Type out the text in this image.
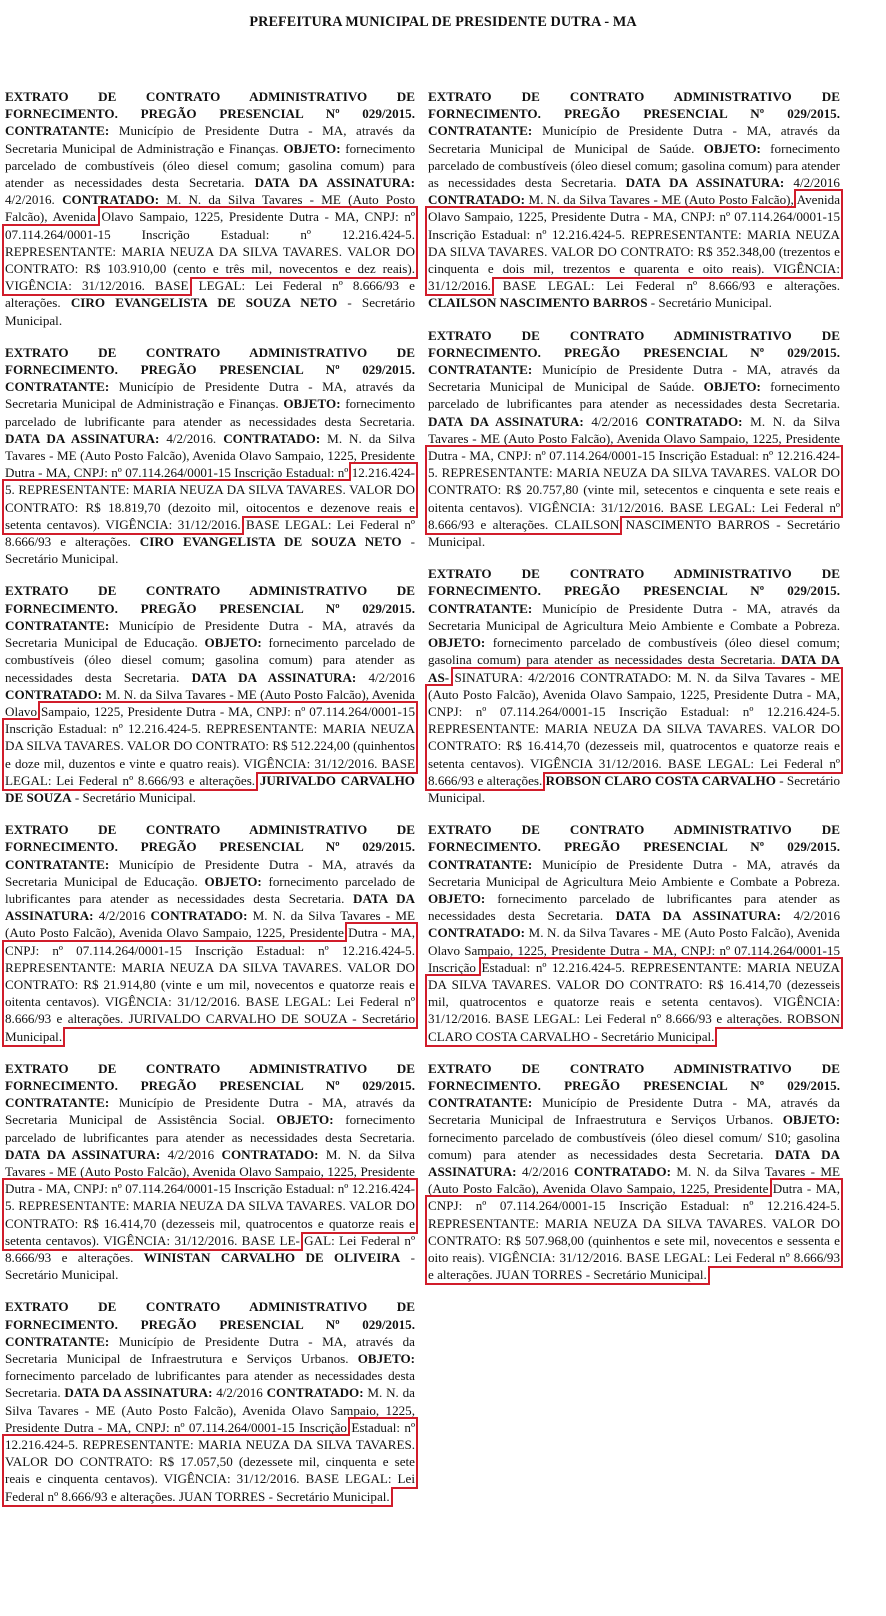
PREFEITURA MUNICIPAL DE PRESIDENTE DUTRA - MA
EXTRATO DE CONTRATO ADMINISTRATIVO DE FORNECIMENTO. PREGÃO PRESENCIAL Nº 029/2015. CONTRATANTE: Município de Presidente Dutra - MA, através da Secretaria Municipal de Administração e Finanças. OBJETO: fornecimento parcelado de combustíveis (óleo diesel comum; gasolina comum) para atender as necessidades desta Secretaria. DATA DA ASSINATURA: 4/2/2016. CONTRATADO: M. N. da Silva Tavares - ME (Auto Posto Falcão), Avenida Olavo Sampaio, 1225, Presidente Dutra - MA, CNPJ: nº 07.114.264/0001-15 Inscrição Estadual: nº 12.216.424-5. REPRESENTANTE: MARIA NEUZA DA SILVA TAVARES. VALOR DO CONTRATO: R$ 103.910,00 (cento e três mil, novecentos e dez reais). VIGÊNCIA: 31/12/2016. BASE LEGAL: Lei Federal nº 8.666/93 e alterações. CIRO EVANGELISTA DE SOUZA NETO - Secretário Municipal.
EXTRATO DE CONTRATO ADMINISTRATIVO DE FORNECIMENTO. PREGÃO PRESENCIAL Nº 029/2015. CONTRATANTE: Município de Presidente Dutra - MA, através da Secretaria Municipal de Administração e Finanças. OBJETO: fornecimento parcelado de lubrificante para atender as necessidades desta Secretaria. DATA DA ASSINATURA: 4/2/2016. CONTRATADO: M. N. da Silva Tavares - ME (Auto Posto Falcão), Avenida Olavo Sampaio, 1225, Presidente Dutra - MA, CNPJ: nº 07.114.264/0001-15 Inscrição Estadual: nº 12.216.424-5. REPRESENTANTE: MARIA NEUZA DA SILVA TAVARES. VALOR DO CONTRATO: R$ 18.819,70 (dezoito mil, oitocentos e dezenove reais e setenta centavos). VIGÊNCIA: 31/12/2016. BASE LEGAL: Lei Federal nº 8.666/93 e alterações. CIRO EVANGELISTA DE SOUZA NETO - Secretário Municipal.
EXTRATO DE CONTRATO ADMINISTRATIVO DE FORNECIMENTO. PREGÃO PRESENCIAL Nº 029/2015. CONTRATANTE: Município de Presidente Dutra - MA, através da Secretaria Municipal de Educação. OBJETO: fornecimento parcelado de combustíveis (óleo diesel comum; gasolina comum) para atender as necessidades desta Secretaria. DATA DA ASSINATURA: 4/2/2016 CONTRATADO: M. N. da Silva Tavares - ME (Auto Posto Falcão), Avenida Olavo Sampaio, 1225, Presidente Dutra - MA, CNPJ: nº 07.114.264/0001-15 Inscrição Estadual: nº 12.216.424-5. REPRESENTANTE: MARIA NEUZA DA SILVA TAVARES. VALOR DO CONTRATO: R$ 512.224,00 (quinhentos e doze mil, duzentos e vinte e quatro reais). VIGÊNCIA: 31/12/2016. BASE LEGAL: Lei Federal nº 8.666/93 e alterações. JURIVALDO CARVALHO DE SOUZA - Secretário Municipal.
EXTRATO DE CONTRATO ADMINISTRATIVO DE FORNECIMENTO. PREGÃO PRESENCIAL Nº 029/2015. CONTRATANTE: Município de Presidente Dutra - MA, através da Secretaria Municipal de Educação. OBJETO: fornecimento parcelado de lubrificantes para atender as necessidades desta Secretaria. DATA DA ASSINATURA: 4/2/2016 CONTRATADO: M. N. da Silva Tavares - ME (Auto Posto Falcão), Avenida Olavo Sampaio, 1225, Presidente Dutra - MA, CNPJ: nº 07.114.264/0001-15 Inscrição Estadual: nº 12.216.424-5. REPRESENTANTE: MARIA NEUZA DA SILVA TAVARES. VALOR DO CONTRATO: R$ 21.914,80 (vinte e um mil, novecentos e quatorze reais e oitenta centavos). VIGÊNCIA: 31/12/2016. BASE LEGAL: Lei Federal nº 8.666/93 e alterações. JURIVALDO CARVALHO DE SOUZA - Secretário Municipal.
EXTRATO DE CONTRATO ADMINISTRATIVO DE FORNECIMENTO. PREGÃO PRESENCIAL Nº 029/2015. CONTRATANTE: Município de Presidente Dutra - MA, através da Secretaria Municipal de Assistência Social. OBJETO: fornecimento parcelado de lubrificantes para atender as necessidades desta Secretaria. DATA DA ASSINATURA: 4/2/2016 CONTRATADO: M. N. da Silva Tavares - ME (Auto Posto Falcão), Avenida Olavo Sampaio, 1225, Presidente Dutra - MA, CNPJ: nº 07.114.264/0001-15 Inscrição Estadual: nº 12.216.424-5. REPRESENTANTE: MARIA NEUZA DA SILVA TAVARES. VALOR DO CONTRATO: R$ 16.414,70 (dezesseis mil, quatrocentos e quatorze reais e setenta centavos). VIGÊNCIA: 31/12/2016. BASE LE- GAL: Lei Federal nº 8.666/93 e alterações. WINISTAN CARVALHO DE OLIVEIRA - Secretário Municipal.
EXTRATO DE CONTRATO ADMINISTRATIVO DE FORNECIMENTO. PREGÃO PRESENCIAL Nº 029/2015. CONTRATANTE: Município de Presidente Dutra - MA, através da Secretaria Municipal de Infraestrutura e Serviços Urbanos. OBJETO: fornecimento parcelado de lubrificantes para atender as necessidades desta Secretaria. DATA DA ASSINATURA: 4/2/2016 CONTRATADO: M. N. da Silva Tavares - ME (Auto Posto Falcão), Avenida Olavo Sampaio, 1225, Presidente Dutra - MA, CNPJ: nº 07.114.264/0001-15 Inscrição Estadual: nº 12.216.424-5. REPRESENTANTE: MARIA NEUZA DA SILVA TAVARES. VALOR DO CONTRATO: R$ 17.057,50 (dezessete mil, cinquenta e sete reais e cinquenta centavos). VIGÊNCIA: 31/12/2016. BASE LEGAL: Lei Federal nº 8.666/93 e alterações. JUAN TORRES - Secretário Municipal.
EXTRATO DE CONTRATO ADMINISTRATIVO DE FORNECIMENTO. PREGÃO PRESENCIAL Nº 029/2015. CONTRATANTE: Município de Presidente Dutra - MA, através da Secretaria Municipal de Municipal de Saúde. OBJETO: fornecimento parcelado de combustíveis (óleo diesel comum; gasolina comum) para atender as necessidades desta Secretaria. DATA DA ASSINATURA: 4/2/2016 CONTRATADO: M. N. da Silva Tavares - ME (Auto Posto Falcão), Avenida Olavo Sampaio, 1225, Presidente Dutra - MA, CNPJ: nº 07.114.264/0001-15 Inscrição Estadual: nº 12.216.424-5. REPRESENTANTE: MARIA NEUZA DA SILVA TAVARES. VALOR DO CONTRATO: R$ 352.348,00 (trezentos e cinquenta e dois mil, trezentos e quarenta e oito reais). VIGÊNCIA: 31/12/2016. BASE LEGAL: Lei Federal nº 8.666/93 e alterações. CLAILSON NASCIMENTO BARROS - Secretário Municipal.
EXTRATO DE CONTRATO ADMINISTRATIVO DE FORNECIMENTO. PREGÃO PRESENCIAL Nº 029/2015. CONTRATANTE: Município de Presidente Dutra - MA, através da Secretaria Municipal de Municipal de Saúde. OBJETO: fornecimento parcelado de lubrificantes para atender as necessidades desta Secretaria. DATA DA ASSINATURA: 4/2/2016 CONTRATADO: M. N. da Silva Tavares - ME (Auto Posto Falcão), Avenida Olavo Sampaio, 1225, Presidente Dutra - MA, CNPJ: nº 07.114.264/0001-15 Inscrição Estadual: nº 12.216.424-5. REPRESENTANTE: MARIA NEUZA DA SILVA TAVARES. VALOR DO CONTRATO: R$ 20.757,80 (vinte mil, setecentos e cinquenta e sete reais e oitenta centavos). VIGÊNCIA: 31/12/2016. BASE LEGAL: Lei Federal nº 8.666/93 e alterações. CLAILSON NASCIMENTO BARROS - Secretário Municipal.
EXTRATO DE CONTRATO ADMINISTRATIVO DE FORNECIMENTO. PREGÃO PRESENCIAL Nº 029/2015. CONTRATANTE: Município de Presidente Dutra - MA, através da Secretaria Municipal de Agricultura Meio Ambiente e Combate a Pobreza. OBJETO: fornecimento parcelado de combustíveis (óleo diesel comum; gasolina comum) para atender as necessidades desta Secretaria. DATA DA AS- SINATURA: 4/2/2016 CONTRATADO: M. N. da Silva Tavares - ME (Auto Posto Falcão), Avenida Olavo Sampaio, 1225, Presidente Dutra - MA, CNPJ: nº 07.114.264/0001-15 Inscrição Estadual: nº 12.216.424-5. REPRESENTANTE: MARIA NEUZA DA SILVA TAVARES. VALOR DO CONTRATO: R$ 16.414,70 (dezesseis mil, quatrocentos e quatorze reais e setenta centavos). VIGÊNCIA 31/12/2016. BASE LEGAL: Lei Federal nº 8.666/93 e alterações. ROBSON CLARO COSTA CARVALHO - Secretário Municipal.
EXTRATO DE CONTRATO ADMINISTRATIVO DE FORNECIMENTO. PREGÃO PRESENCIAL Nº 029/2015. CONTRATANTE: Município de Presidente Dutra - MA, através da Secretaria Municipal de Agricultura Meio Ambiente e Combate a Pobreza. OBJETO: fornecimento parcelado de lubrificantes para atender as necessidades desta Secretaria. DATA DA ASSINATURA: 4/2/2016 CONTRATADO: M. N. da Silva Tavares - ME (Auto Posto Falcão), Avenida Olavo Sampaio, 1225, Presidente Dutra - MA, CNPJ: nº 07.114.264/0001-15 Inscrição Estadual: nº 12.216.424-5. REPRESENTANTE: MARIA NEUZA DA SILVA TAVARES. VALOR DO CONTRATO: R$ 16.414,70 (dezesseis mil, quatrocentos e quatorze reais e setenta centavos). VIGÊNCIA: 31/12/2016. BASE LEGAL: Lei Federal nº 8.666/93 e alterações. ROBSON CLARO COSTA CARVALHO - Secretário Municipal.
EXTRATO DE CONTRATO ADMINISTRATIVO DE FORNECIMENTO. PREGÃO PRESENCIAL Nº 029/2015. CONTRATANTE: Município de Presidente Dutra - MA, através da Secretaria Municipal de Infraestrutura e Serviços Urbanos. OBJETO: fornecimento parcelado de combustíveis (óleo diesel comum/ S10; gasolina comum) para atender as necessidades desta Secretaria. DATA DA ASSINATURA: 4/2/2016 CONTRATADO: M. N. da Silva Tavares - ME (Auto Posto Falcão), Avenida Olavo Sampaio, 1225, Presidente Dutra - MA, CNPJ: nº 07.114.264/0001-15 Inscrição Estadual: nº 12.216.424-5. REPRESENTANTE: MARIA NEUZA DA SILVA TAVARES. VALOR DO CONTRATO: R$ 507.968,00 (quinhentos e sete mil, novecentos e sessenta e oito reais). VIGÊNCIA: 31/12/2016. BASE LEGAL: Lei Federal nº 8.666/93 e alterações. JUAN TORRES - Secretário Municipal.
